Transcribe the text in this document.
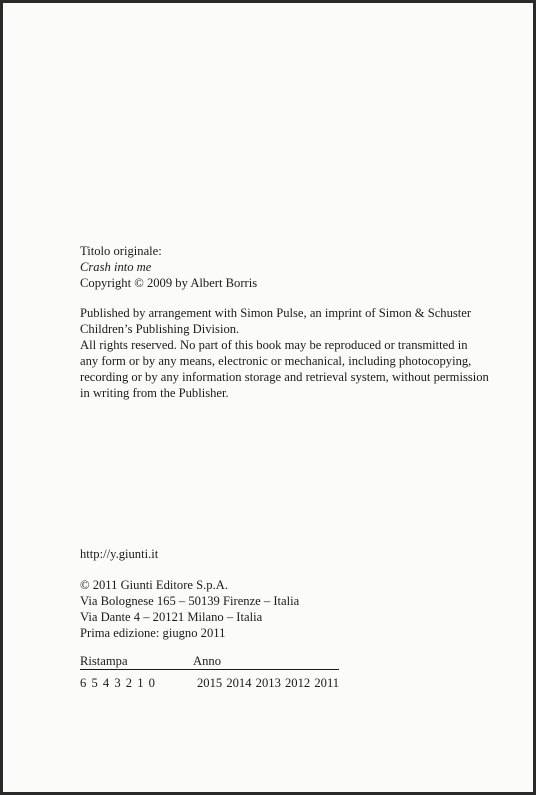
Titolo originale:
Crash into me
Copyright © 2009 by Albert Borris
Published by arrangement with Simon Pulse, an imprint of Simon & Schuster
Children’s Publishing Division.
All rights reserved. No part of this book may be reproduced or transmitted in
any form or by any means, electronic or mechanical, including photocopying,
recording or by any information storage and retrieval system, without permission
in writing from the Publisher.
http://y.giunti.it
© 2011 Giunti Editore S.p.A.
Via Bolognese 165 – 50139 Firenze – Italia
Via Dante 4 – 20121 Milano – Italia
Prima edizione: giugno 2011
Ristampa	Anno
6 5 4 3 2 1 0	2015 2014 2013 2012 2011
